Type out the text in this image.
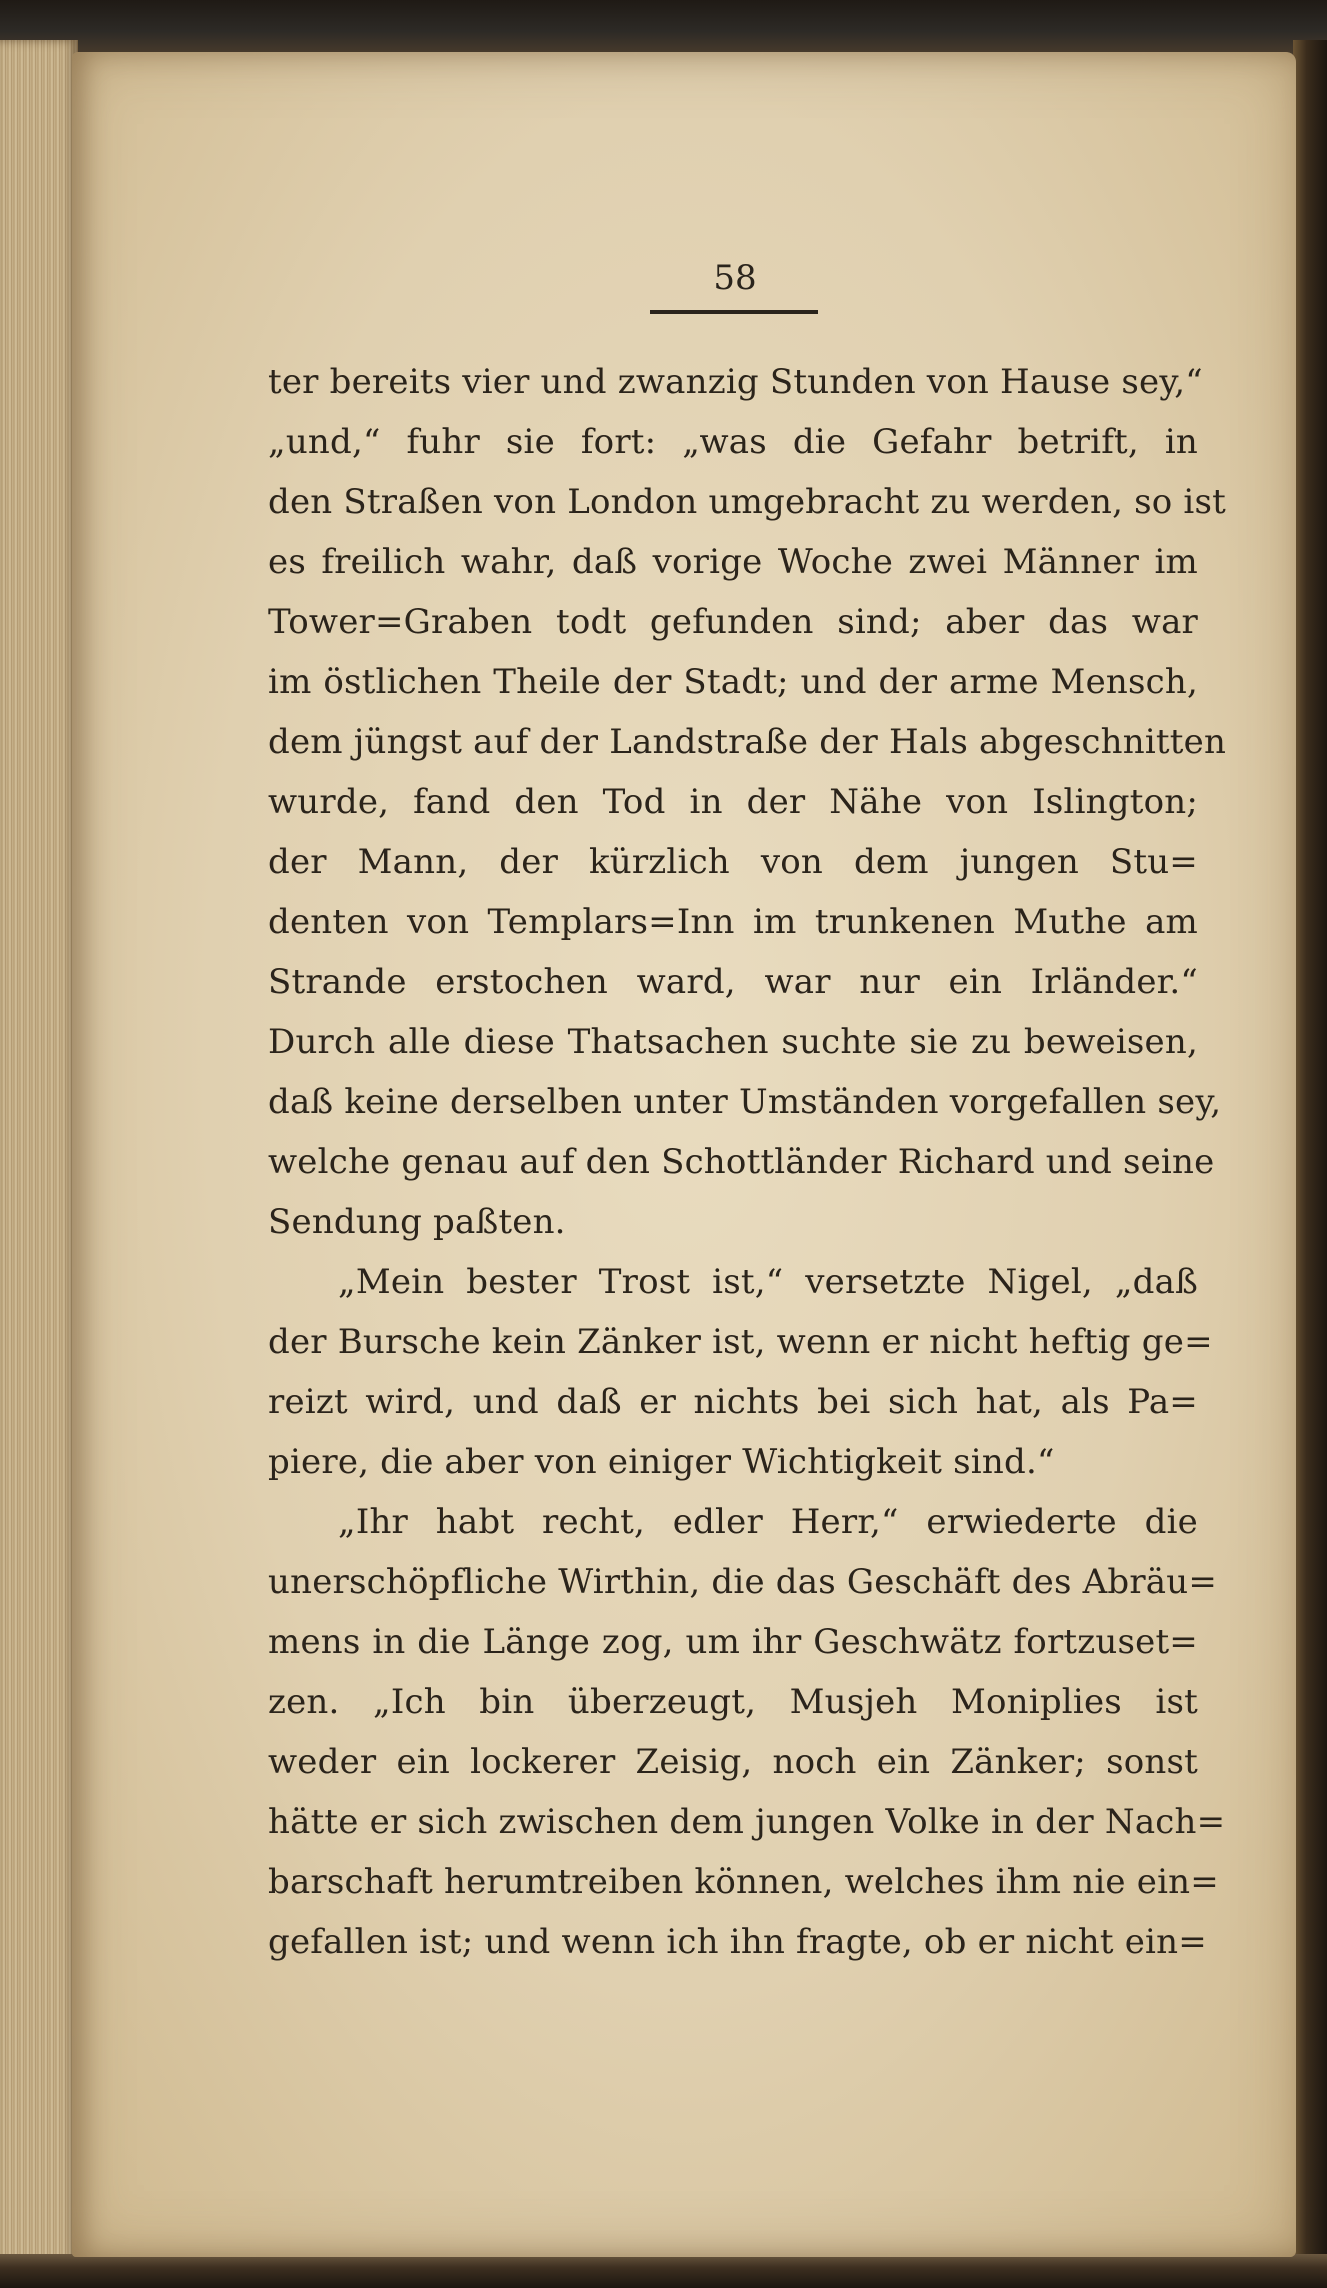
58
ter bereits vier und zwanzig Stunden von Hause sey,“
„und,“ fuhr sie fort: „was die Gefahr betrift, in
den Straßen von London umgebracht zu werden, so ist
es freilich wahr, daß vorige Woche zwei Männer im
Tower=Graben todt gefunden sind; aber das war
im östlichen Theile der Stadt; und der arme Mensch,
dem jüngst auf der Landstraße der Hals abgeschnitten
wurde, fand den Tod in der Nähe von Islington;
der Mann, der kürzlich von dem jungen Stu=
denten von Templars=Inn im trunkenen Muthe am
Strande erstochen ward, war nur ein Irländer.“
Durch alle diese Thatsachen suchte sie zu beweisen,
daß keine derselben unter Umständen vorgefallen sey,
welche genau auf den Schottländer Richard und seine
Sendung paßten.
„Mein bester Trost ist,“ versetzte Nigel, „daß
der Bursche kein Zänker ist, wenn er nicht heftig ge=
reizt wird, und daß er nichts bei sich hat, als Pa=
piere, die aber von einiger Wichtigkeit sind.“
„Ihr habt recht, edler Herr,“ erwiederte die
unerschöpfliche Wirthin, die das Geschäft des Abräu=
mens in die Länge zog, um ihr Geschwätz fortzuset=
zen. „Ich bin überzeugt, Musjeh Moniplies ist
weder ein lockerer Zeisig, noch ein Zänker; sonst
hätte er sich zwischen dem jungen Volke in der Nach=
barschaft herumtreiben können, welches ihm nie ein=
gefallen ist; und wenn ich ihn fragte, ob er nicht ein=
